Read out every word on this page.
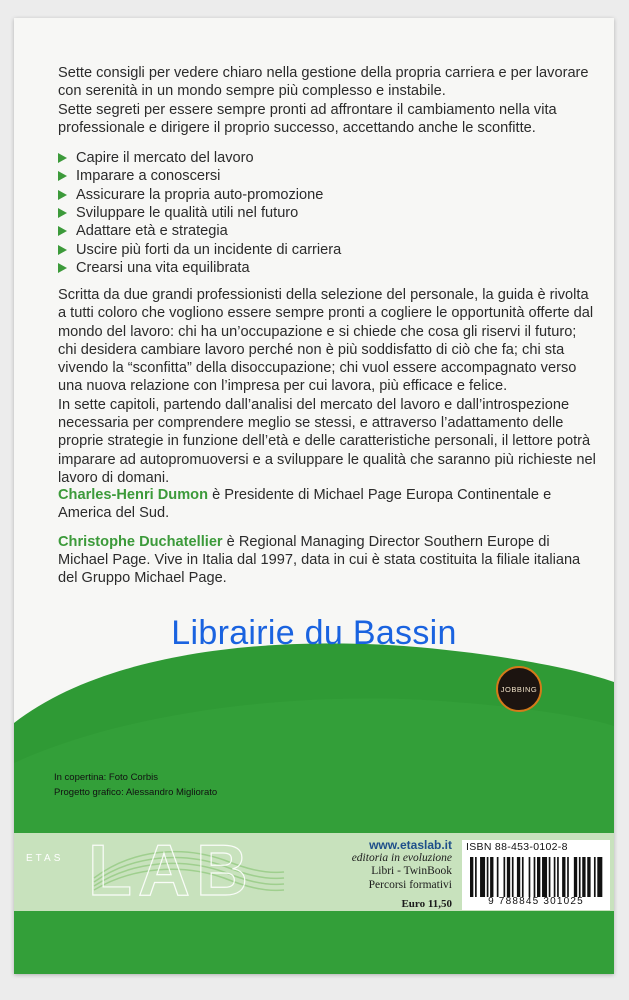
Sette consigli per vedere chiaro nella gestione della propria carriera e per lavorare con serenità in un mondo sempre più complesso e instabile.

Sette segreti per essere sempre pronti ad affrontare il cambiamento nella vita professionale e dirigere il proprio successo, accettando anche le sconfitte.

Capire il mercato del lavoro
Imparare a conoscersi
Assicurare la propria auto-promozione
Sviluppare le qualità utili nel futuro
Adattare età e strategia
Uscire più forti da un incidente di carriera
Crearsi una vita equilibrata

Scritta da due grandi professionisti della selezione del personale, la guida è rivolta a tutti coloro che vogliono essere sempre pronti a cogliere le opportunità offerte dal mondo del lavoro: chi ha un’occupazione e si chiede che cosa gli riservi il futuro; chi desidera cambiare lavoro perché non è più soddisfatto di ciò che fa; chi sta vivendo la “sconfitta” della disoccupazione; chi vuol essere accompagnato verso una nuova relazione con l’impresa per cui lavora, più efficace e felice.

In sette capitoli, partendo dall’analisi del mercato del lavoro e dall’introspezione necessaria per comprendere meglio se stessi, e attraverso l’adattamento delle proprie strategie in funzione dell’età e delle caratteristiche personali, il lettore potrà imparare ad autopromuoversi e a sviluppare le qualità che saranno più richieste nel lavoro di domani.

Charles-Henri Dumon è Presidente di Michael Page Europa Continentale e America del Sud.

Christophe Duchatellier è Regional Managing Director Southern Europe di Michael Page. Vive in Italia dal 1997, data in cui è stata costituita la filiale italiana del Gruppo Michael Page.

Librairie du Bassin
JOBBING
In copertina: Foto Corbis
Progetto grafico: Alessandro Migliorato
LAB
ETAS
www.etaslab.it
editoria in evoluzione
Libri - TwinBook
Percorsi formativi
Euro 11,50
ISBN 88-453-0102-8
9 788845 301025
